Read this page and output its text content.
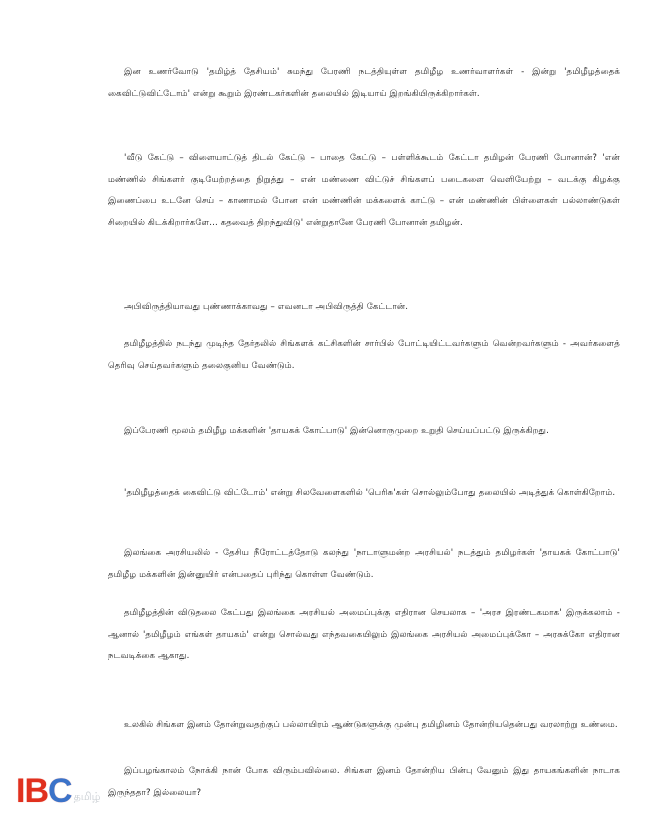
இன உணர்வோடு 'தமிழ்த் தேசியம்' சுமந்து பேரணி நடத்தியுள்ள தமிழீழ உணர்வாளர்கள் - இன்று 'தமிழீழத்தைக் கைவிட்டுவிட்டோம்' என்று கூறும் இரண்டகர்களின் தலையில் இடியாய் இறங்கியிருக்கிறார்கள்.

'வீடு கேட்டு – விளையாட்டுத் திடல் கேட்டு – பாதை கேட்டு – பள்ளிக்கூடம் கேட்டா தமிழன் பேரணி போனான்? 'என் மண்ணில் சிங்களர் குடியேற்றத்தை நிறுத்து – என் மண்ணை விட்டுச் சிங்களப் படைகளை வெளியேற்று – வடக்கு கிழக்கு இணைப்பை உடனே செய் – காணாமல் போன என் மண்ணின் மக்களைக் காட்டு – என் மண்ணின் பிள்ளைகள் பல்லாண்டுகள் சிறையில் கிடக்கிறார்களே... கதவைத் திறந்துவிடு' என்றுதானே பேரணி போனான் தமிழன்.

அபிவிருத்தியாவது புண்ணாக்காவது – எவனடா அபிவிருத்தி கேட்டான்.

தமிழீழத்தில் நடந்து முடிந்த தேர்தலில் சிங்களக் கட்சிகளின் சார்பில் போட்டியிட்டவர்களும் வென்றவர்களும் - அவர்களைத் தெரிவு செய்தவர்களும் தலைகுனிய வேண்டும்.

இப்பேரணி மூலம் தமிழீழ மக்களின் 'தாயகக் கோட்பாடு' இன்னொருமுறை உறுதி செய்யப்பட்டு இருக்கிறது.

'தமிழீழத்தைக் கைவிட்டு விட்டோம்' என்று சிலவேளைகளில் 'பெரிசு'கள் சொல்லும்போது தலையில் அடித்துக் கொள்கிறோம்.

இலங்கை அரசியலில் - தேசிய நீரோட்டத்தோடு கலந்து 'நாடாளுமன்ற அரசியல்' நடத்தும் தமிழர்கள் 'தாயகக் கோட்பாடு' தமிழீழ மக்களின் இன்னுயிர் என்பதைப் புரிந்து கொள்ள வேண்டும்.

தமிழீழத்தின் விடுதலை கேட்பது இலங்கை அரசியல் அமைப்புக்கு எதிரான செயலாக – 'அரச இரண்டகமாக' இருக்கலாம் - ஆனால் 'தமிழீழம் எங்கள் தாயகம்' என்று சொல்வது எந்தவகையிலும் இலங்கை அரசியல் அமைப்புக்கோ – அரசுக்கோ எதிரான நடவடிக்கை ஆகாது.

உலகில் சிங்கள இனம் தோன்றுவதற்குப் பல்லாயிரம் ஆண்டுகளுக்கு முன்பு தமிழினம் தோன்றியதென்பது வரலாற்று உண்மை.

இப்பழங்காலம் நோக்கி நான் போக விரும்பவில்லை. சிங்கள இனம் தோன்றிய பின்பு வேனும் இது தாயகங்களின் நாடாக இருந்ததா? இல்லையா?

I B C தமிழ்
